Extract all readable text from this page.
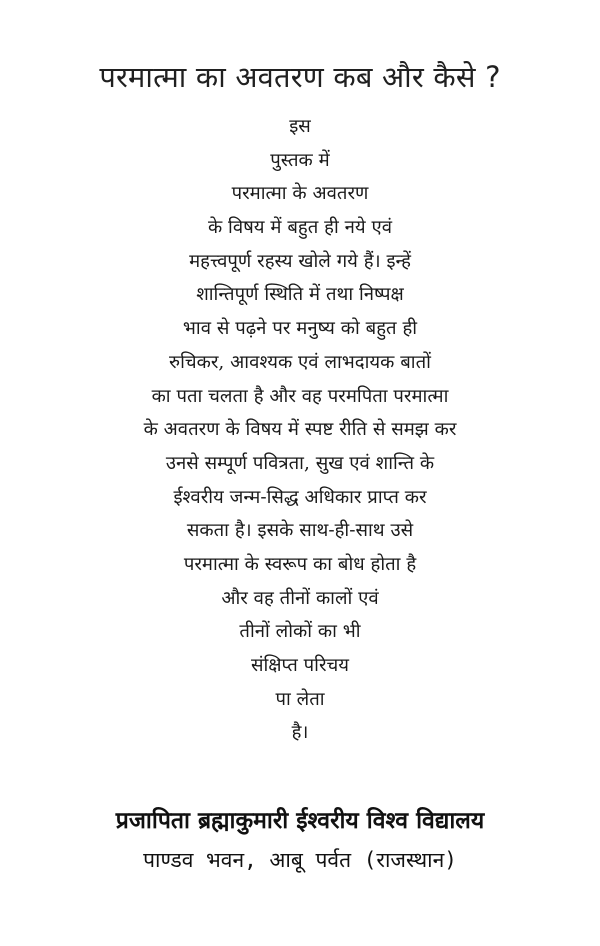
परमात्मा का अवतरण कब और कैसे ?
इस
पुस्तक में
परमात्मा के अवतरण
के विषय में बहुत ही नये एवं
महत्त्वपूर्ण रहस्य खोले गये हैं। इन्हें
शान्तिपूर्ण स्थिति में तथा निष्पक्ष
भाव से पढ़ने पर मनुष्य को बहुत ही
रुचिकर, आवश्यक एवं लाभदायक बातों
का पता चलता है और वह परमपिता परमात्मा
के अवतरण के विषय में स्पष्ट रीति से समझ कर
उनसे सम्पूर्ण पवित्रता, सुख एवं शान्ति के
ईश्वरीय जन्म-सिद्ध अधिकार प्राप्त कर
सकता है। इसके साथ-ही-साथ उसे
परमात्मा के स्वरूप का बोध होता है
और वह तीनों कालों एवं
तीनों लोकों का भी
संक्षिप्त परिचय
पा लेता
है।
प्रजापिता ब्रह्माकुमारी ईश्वरीय विश्व विद्यालय
पाण्डव भवन, आबू पर्वत (राजस्थान)
